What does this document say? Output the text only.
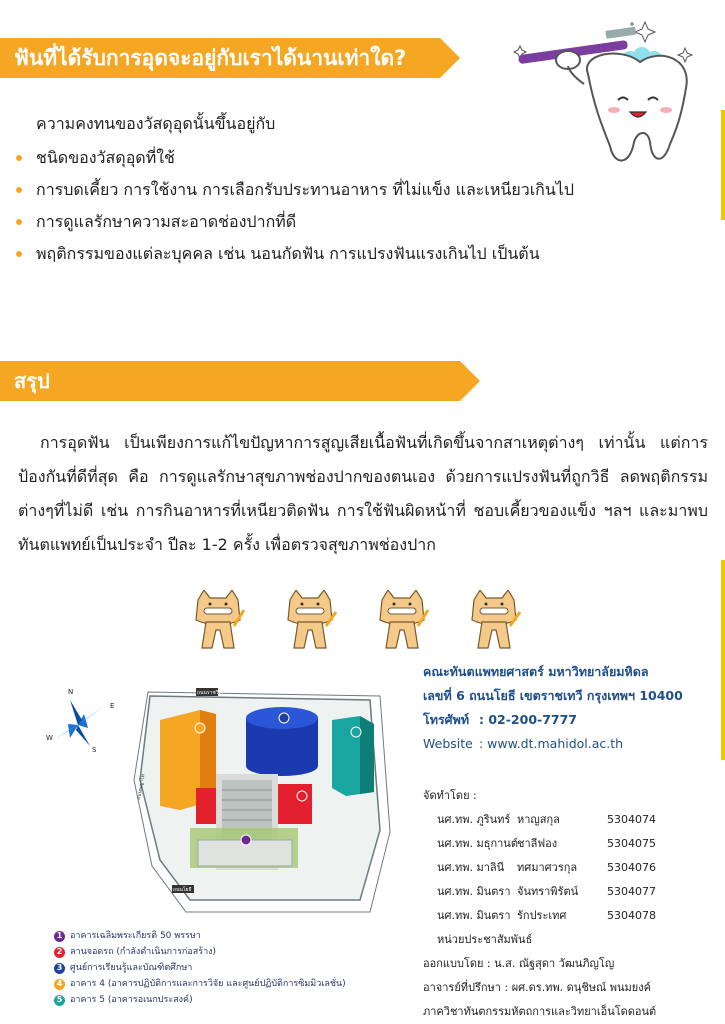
ฟันที่ได้รับการอุดจะอยู่กับเราได้นานเท่าใด?
ความคงทนของวัสดุอุดนั้นขึ้นอยู่กับ
ชนิดของวัสดุอุดที่ใช้
การบดเคี้ยว การใช้งาน การเลือกรับประทานอาหาร ที่ไม่แข็ง และเหนียวเกินไป
การดูแลรักษาความสะอาดช่องปากที่ดี
พฤติกรรมของแต่ละบุคคล เช่น นอนกัดฟัน การแปรงฟันแรงเกินไป เป็นต้น
สรุป
การอุดฟัน เป็นเพียงการแก้ไขปัญหาการสูญเสียเนื้อฟันที่เกิดขึ้นจากสาเหตุต่างๆ เท่านั้น แต่การป้องกันที่ดีที่สุด คือ การดูแลรักษาสุขภาพช่องปากของตนเอง ด้วยการแปรงฟันที่ถูกวิธี ลดพฤติกรรมต่างๆที่ไม่ดี เช่น การกินอาหารที่เหนียวติดฟัน การใช้ฟันผิดหน้าที่ ชอบเคี้ยวของแข็ง ฯลฯ และมาพบทันตแพทย์เป็นประจำ ปีละ 1-2 ครั้ง เพื่อตรวจสุขภาพช่องปาก
N
E
S
W
ถนนราชวิถี
ถนนโยธี
ถนนพญาไท
1 อาคารเฉลิมพระเกียรติ 50 พรรษา
2 ลานจอดรถ (กำลังดำเนินการก่อสร้าง)
3 ศูนย์การเรียนรู้และบัณฑิตศึกษา
4 อาคาร 4 (อาคารปฏิบัติการและการวิจัย และศูนย์ปฏิบัติการซิมมิวเลชั่น)
5 อาคาร 5 (อาคารอเนกประสงค์)
คณะทันตแพทยศาสตร์ มหาวิทยาลัยมหิดล
เลขที่ 6 ถนนโยธี เขตราชเทวี กรุงเทพฯ 10400
โทรศัพท์ : 02-200-7777
Website : www.dt.mahidol.ac.th
จัดทำโดย :
นศ.ทพ. ภูรินทร์ หาญสกุล	5304074
นศ.ทพ. มธุกานต์ ชาลีฟอง	5304075
นศ.ทพ. มาลินี	ทศมาศวรกุล	5304076
นศ.ทพ. มินตรา จันทราพิรัตน์	5304077
นศ.ทพ. มินตรา รักประเทศ	5304078
หน่วยประชาสัมพันธ์
ออกแบบโดย : น.ส. ณัฐสุดา วัฒนภิญโญ
อาจารย์ที่ปรึกษา : ผศ.ดร.ทพ. ดนุชิษณ์ พนมยงค์
ภาควิชาทันตกรรมหัตถการและวิทยาเอ็นโดดอนต์
